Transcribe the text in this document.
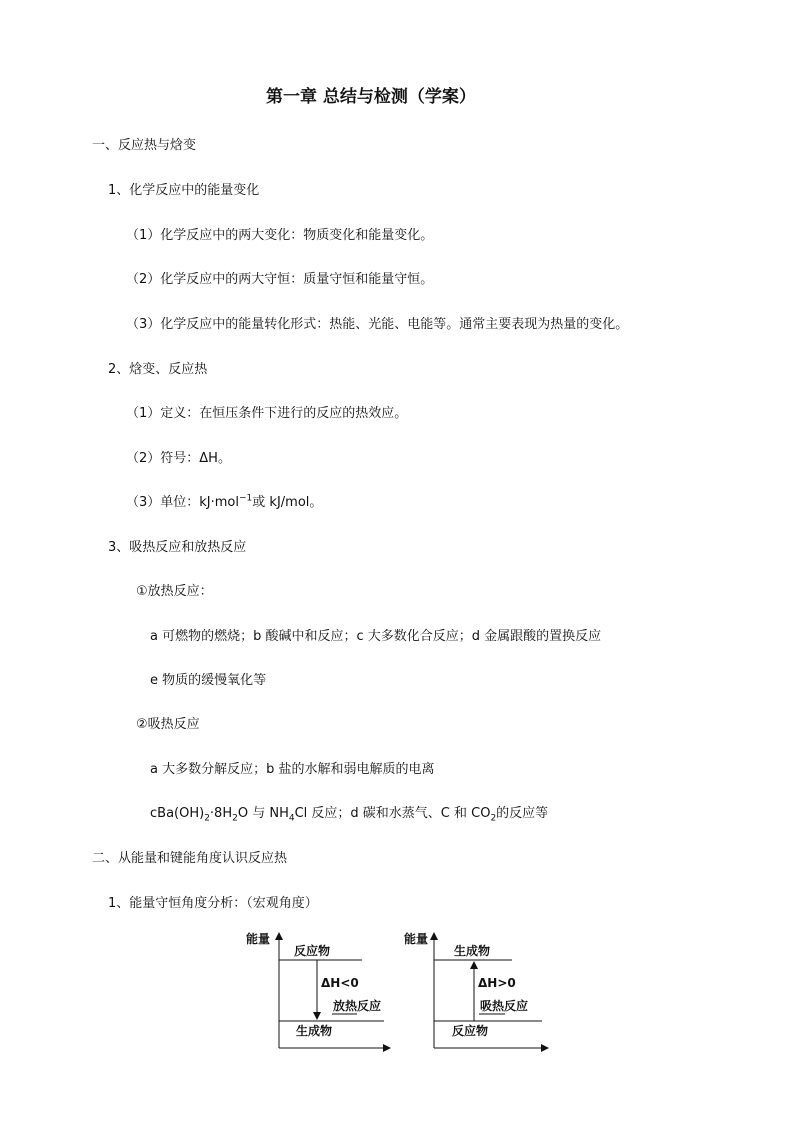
第一章 总结与检测（学案）
一、反应热与焓变
1、化学反应中的能量变化
（1）化学反应中的两大变化：物质变化和能量变化。
（2）化学反应中的两大守恒：质量守恒和能量守恒。
（3）化学反应中的能量转化形式：热能、光能、电能等。通常主要表现为热量的变化。
2、焓变、反应热
（1）定义：在恒压条件下进行的反应的热效应。
（2）符号：ΔH。
（3）单位：kJ·mol$^{-1}$或 kJ/mol。
3、吸热反应和放热反应
①放热反应：
a 可燃物的燃烧；b 酸碱中和反应；c 大多数化合反应；d 金属跟酸的置换反应
e 物质的缓慢氧化等
②吸热反应
a 大多数分解反应；b 盐的水解和弱电解质的电离
$cBa(OH)_2\cdot 8H_2O$ 与 $NH_4Cl$ 反应；d 碳和水蒸气、C 和 $CO_2$的反应等
二、从能量和键能角度认识反应热
1、能量守恒角度分析：（宏观角度）
能量
反应物
ΔH<0
放热反应
生成物
能量
生成物
ΔH>0
吸热反应
反应物
